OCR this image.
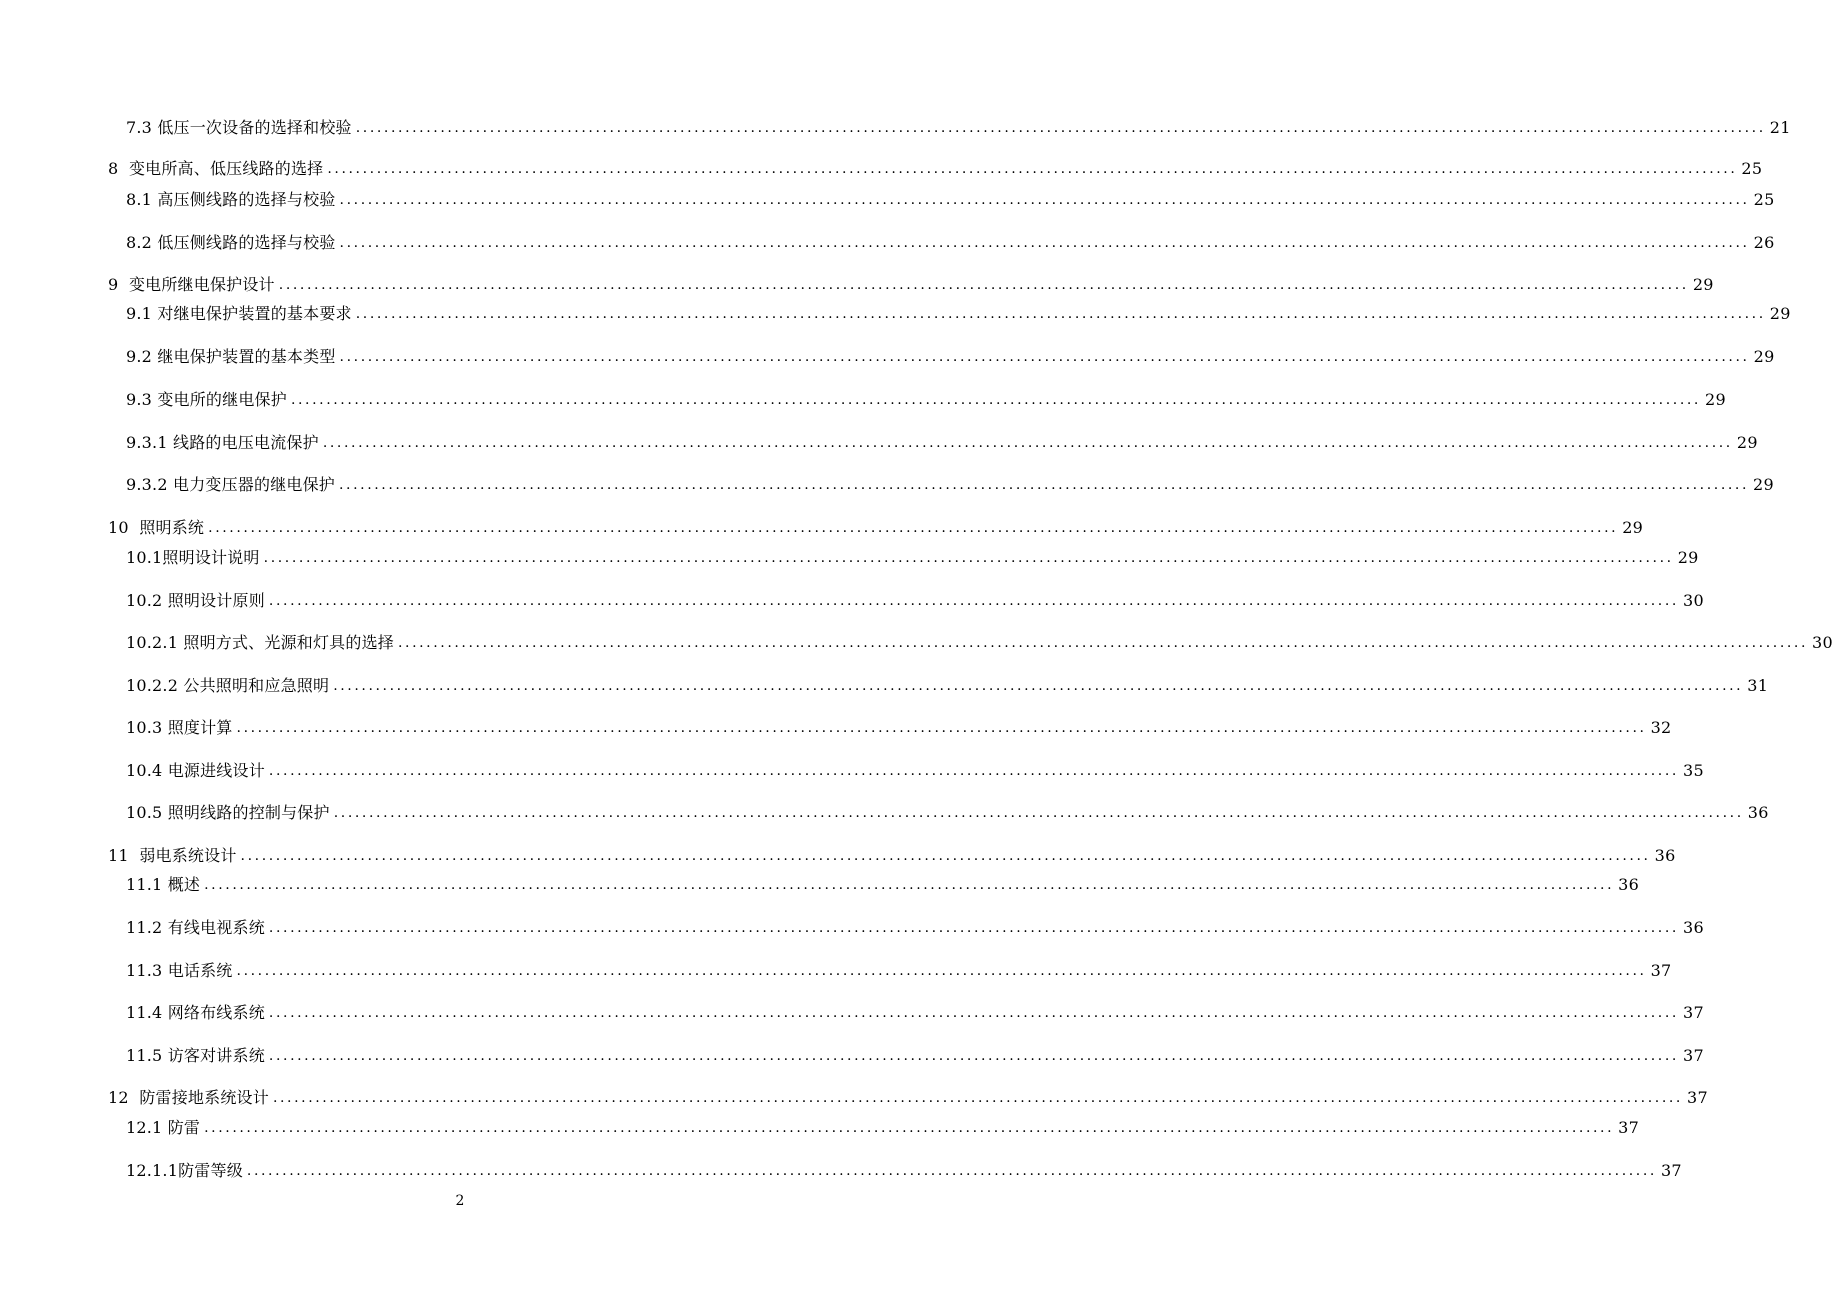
7.3 低压一次设备的选择和校验 ........................................................................................................................................................................................................ 21
8  变电所高、低压线路的选择 ........................................................................................................................................................................................................ 25
8.1 高压侧线路的选择与校验 ........................................................................................................................................................................................................ 25
8.2 低压侧线路的选择与校验 ........................................................................................................................................................................................................ 26
9  变电所继电保护设计 ........................................................................................................................................................................................................ 29
9.1 对继电保护装置的基本要求 ........................................................................................................................................................................................................ 29
9.2 继电保护装置的基本类型 ........................................................................................................................................................................................................ 29
9.3 变电所的继电保护 ........................................................................................................................................................................................................ 29
9.3.1 线路的电压电流保护 ........................................................................................................................................................................................................ 29
9.3.2 电力变压器的继电保护 ........................................................................................................................................................................................................ 29
10  照明系统 ........................................................................................................................................................................................................ 29
10.1照明设计说明 ........................................................................................................................................................................................................ 29
10.2 照明设计原则 ........................................................................................................................................................................................................ 30
10.2.1 照明方式、光源和灯具的选择 ........................................................................................................................................................................................................ 30
10.2.2 公共照明和应急照明 ........................................................................................................................................................................................................ 31
10.3 照度计算 ........................................................................................................................................................................................................ 32
10.4 电源进线设计 ........................................................................................................................................................................................................ 35
10.5 照明线路的控制与保护 ........................................................................................................................................................................................................ 36
11  弱电系统设计 ........................................................................................................................................................................................................ 36
11.1 概述 ........................................................................................................................................................................................................ 36
11.2 有线电视系统 ........................................................................................................................................................................................................ 36
11.3 电话系统 ........................................................................................................................................................................................................ 37
11.4 网络布线系统 ........................................................................................................................................................................................................ 37
11.5 访客对讲系统 ........................................................................................................................................................................................................ 37
12  防雷接地系统设计 ........................................................................................................................................................................................................ 37
12.1 防雷 ........................................................................................................................................................................................................ 37
12.1.1防雷等级 ........................................................................................................................................................................................................ 37
2
